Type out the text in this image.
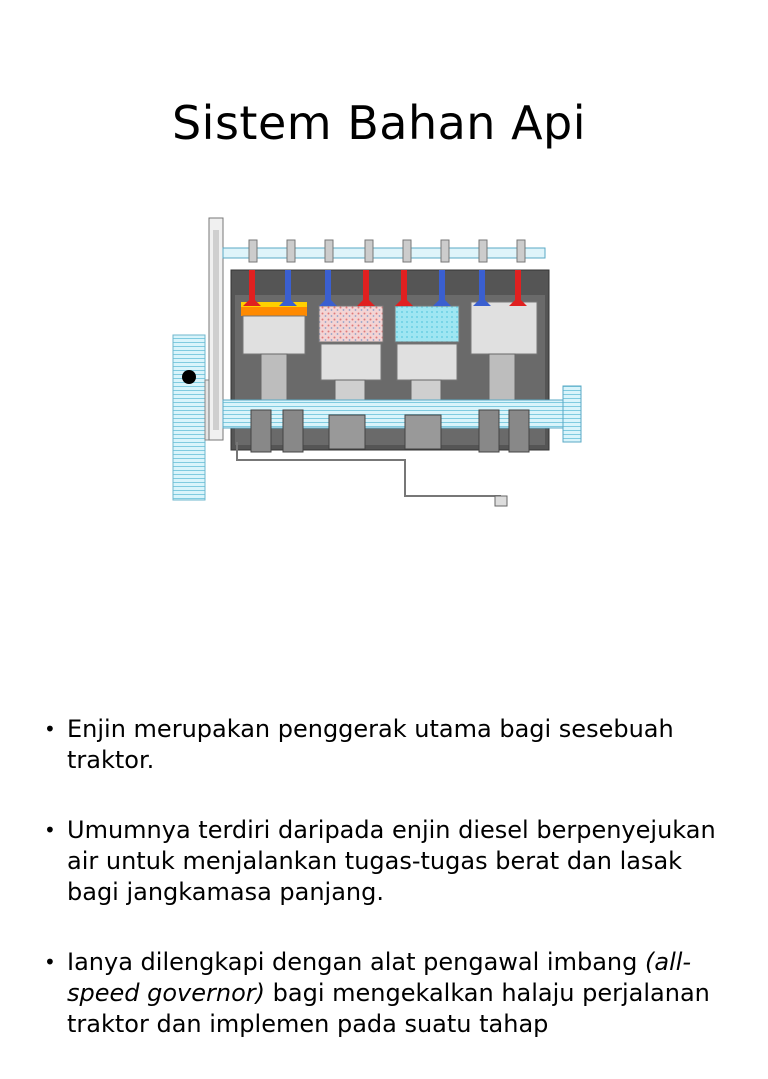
Sistem Bahan Api
• Enjin merupakan penggerak utama bagi sesebuah traktor.
• Umumnya terdiri daripada enjin diesel berpenyejukan air untuk menjalankan tugas-tugas berat dan lasak bagi jangkamasa panjang.
• Ianya dilengkapi dengan alat pengawal imbang (all-speed governor) bagi mengekalkan halaju perjalanan traktor dan implemen pada suatu tahap
